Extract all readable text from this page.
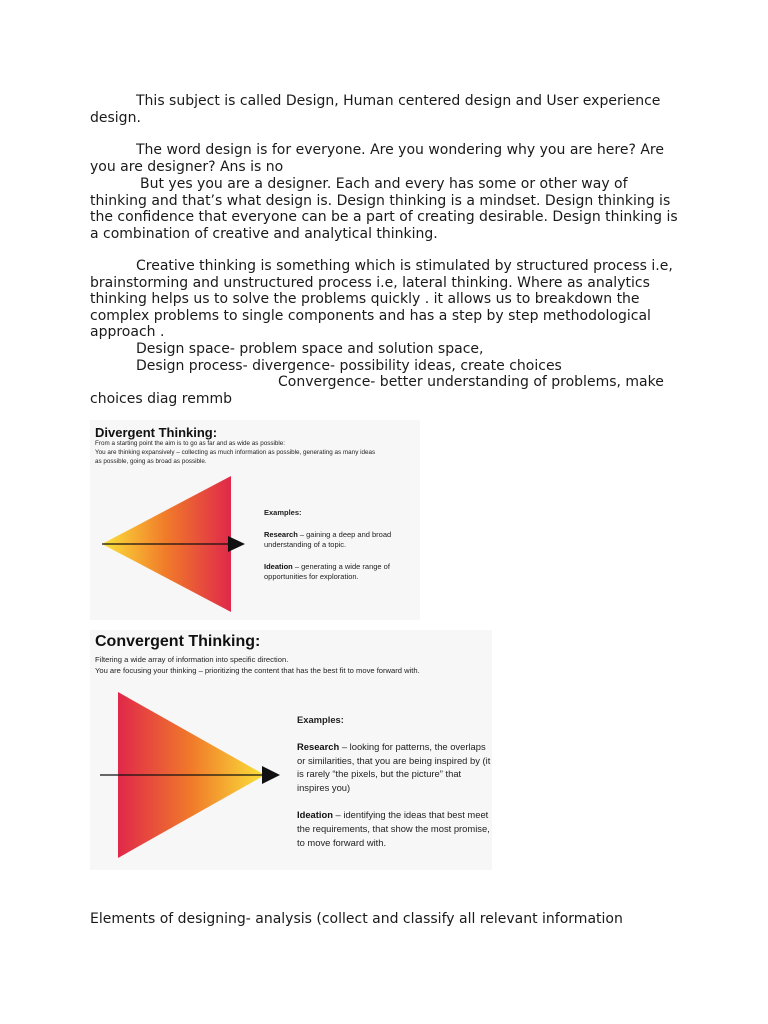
This subject is called Design, Human centered design and User experience design.

The word design is for everyone. Are you wondering why you are here? Are you are designer? Ans is no

But yes you are a designer. Each and every has some or other way of thinking and that’s what design is. Design thinking is a mindset. Design thinking is the confidence that everyone can be a part of creating desirable. Design thinking is a combination of creative and analytical thinking.

Creative thinking is something which is stimulated by structured process i.e, brainstorming and unstructured process i.e, lateral thinking. Where as analytics thinking helps us to solve the problems quickly . it allows us to breakdown the complex problems to single components and has a step by step methodological approach .

Design space- problem space and solution space,

Design process- divergence- possibility ideas, create choices

Convergence- better understanding of problems, make choices diag remmb

Divergent Thinking:
From a starting point the aim is to go as far and as wide as possible:
You are thinking expansively – collecting as much information as possible, generating as many ideas
as possible, going as broad as possible.
Examples:
Research – gaining a deep and broad understanding of a topic.
Ideation – generating a wide range of opportunities for exploration.
Convergent Thinking:
Filtering a wide array of information into specific direction.
You are focusing your thinking – prioritizing the content that has the best fit to move forward with.
Examples:
Research – looking for patterns, the overlaps or similarities, that you are being inspired by (it is rarely “the pixels, but the picture” that inspires you)
Ideation – identifying the ideas that best meet the requirements, that show the most promise, to move forward with.

Elements of designing- analysis (collect and classify all relevant information
